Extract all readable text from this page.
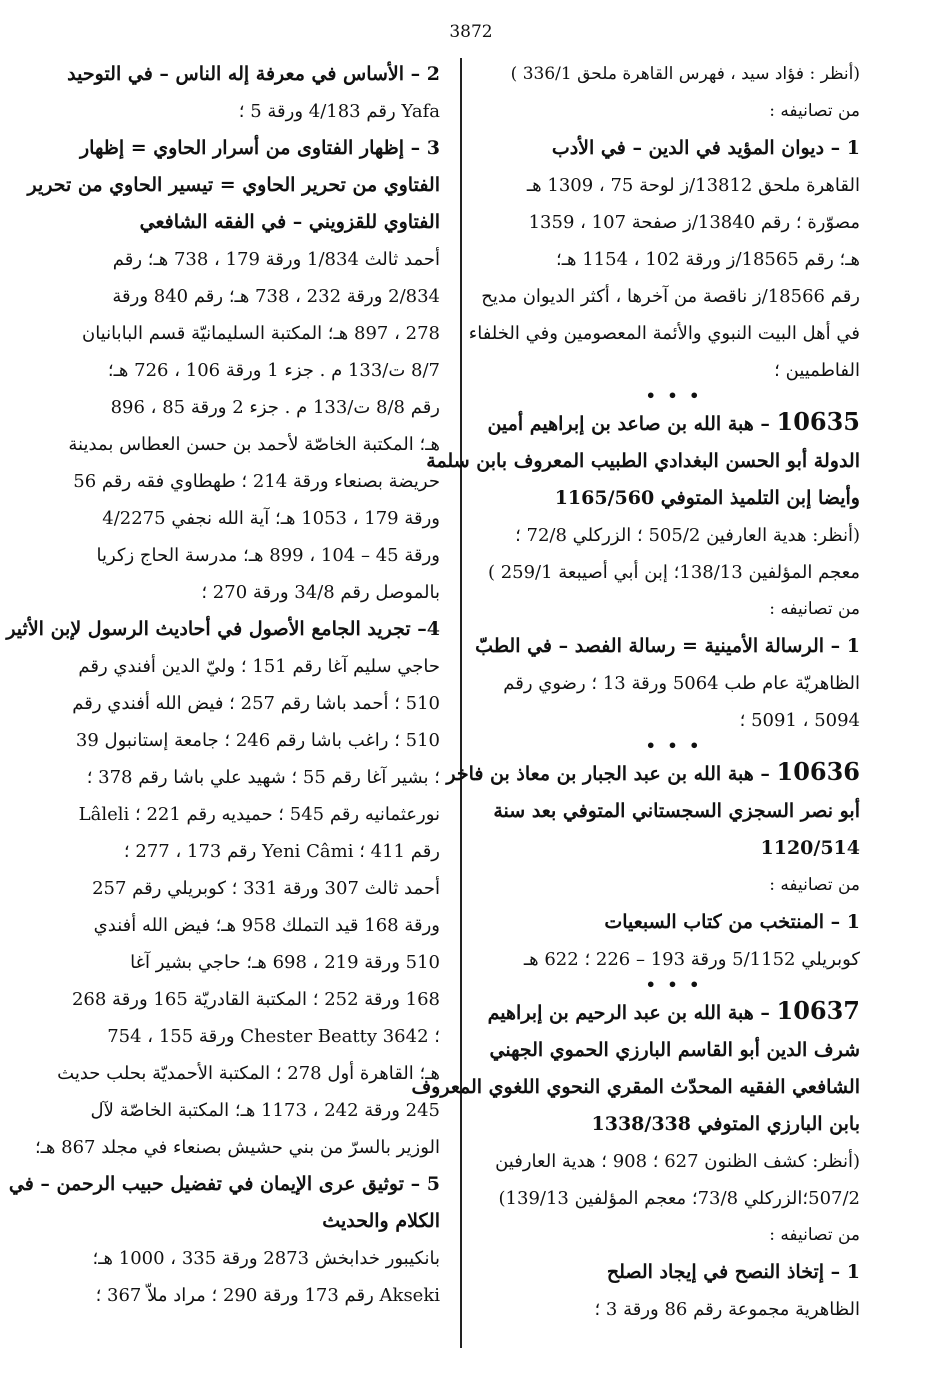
3872

(أنظر : فؤاد سيد ، فهرس القاهرة ملحق 336/1 )

من تصانيفه :

1 – ديوان المؤيد في الدين – في الأدب

القاهرة ملحق 13812/ز لوحة 75 ، 1309 هـ

مصوّرة ؛ رقم 13840/ز صفحة 107 ، 1359

هـ؛ رقم 18565/ز ورقة 102 ، 1154 هـ؛

رقم 18566/ز ناقصة من آخرها ، أكثر الديوان مديح

في أهل البيت النبوي والأئمة المعصومين وفي الخلفاء

الفاطميين ؛

• • •

10635 – هبة الله بن صاعد بن إبراهيم أمين

الدولة أبو الحسن البغدادي الطبيب المعروف بابن سلمة

وأيضا إبن التلميذ المتوفي 1165/560

(أنظر: هدية العارفين 505/2 ؛ الزركلي 72/8 ؛

معجم المؤلفين 138/13؛ إبن أبي أصيبعة 259/1 )

من تصانيفه :

1 – الرسالة الأمينية = رسالة الفصد – في الطبّ

الظاهريّة عام طب 5064 ورقة 13 ؛ رضوي رقم

5094 ، 5091 ؛

• • •

10636 – هبة الله بن عبد الجبار بن معاذ بن فاخر

أبو نصر السجزي السجستاني المتوفي بعد سنة

1120/514

من تصانيفه :

1 – المنتخب من كتاب السبعيات

كوبريلي 5/1152 ورقة 193 – 226 ؛ 622 هـ

• • •

10637 – هبة الله بن عبد الرحيم بن إبراهيم

شرف الدين أبو القاسم البارزي الحموي الجهني

الشافعي الفقيه المحدّث المقري النحوي اللغوي المعروف

بابن البارزي المتوفي 1338/338

(أنظر: كشف الظنون 627 ؛ 908 ؛ هدية العارفين

507/2؛الزركلي 73/8؛ معجم المؤلفين 139/13)

من تصانيفه :

1 – إتخاذ النصح في إيجاد الصلح

الظاهرية مجموعة رقم 86 ورقة 3 ؛

2 – الأساس في معرفة إله الناس – في التوحيد

Yafa رقم 4/183 ورقة 5 ؛

3 – إظهار الفتاوى من أسرار الحاوي = إظهار

الفتاوي من تحرير الحاوي = تيسير الحاوي من تحرير

الفتاوي للقزويني – في الفقه الشافعي

أحمد ثالث 1/834 ورقة 179 ، 738 هـ؛ رقم

2/834 ورقة 232 ، 738 هـ؛ رقم 840 ورقة

278 ، 897 هـ؛ المكتبة السليمانيّة قسم البابانيان

8/7 ت/133 م . جزء 1 ورقة 106 ، 726 هـ؛

رقم 8/8 ت/133 م . جزء 2 ورقة 85 ، 896

هـ؛ المكتبة الخاصّة لأحمد بن حسن العطاس بمدينة

حريضة بصنعاء ورقة 214 ؛ طهطاوي فقه رقم 56

ورقة 179 ، 1053 هـ؛ آية الله نجفي 4/2275

ورقة 45 – 104 ، 899 هـ؛ مدرسة الحاج زكريا

بالموصل رقم 34/8 ورقة 270 ؛

4– تجريد الجامع الأصول في أحاديث الرسول لإبن الأثير

حاجي سليم آغا رقم 151 ؛ وليّ الدين أفندي رقم

510 ؛ أحمد باشا رقم 257 ؛ فيض الله أفندي رقم

510 ؛ راغب باشا رقم 246 ؛ جامعة إستانبول 39

؛ بشير آغا رقم 55 ؛ شهيد علي باشا رقم 378 ؛

نورعثمانيه رقم 545 ؛ حميديه رقم 221 ؛ Lâleli

رقم 411 ؛ Yeni Câmi رقم 173 ، 277 ؛

أحمد ثالث 307 ورقة 331 ؛ كوبريلي رقم 257

ورقة 168 قيد التملك 958 هـ؛ فيض الله أفندي

510 ورقة 219 ، 698 هـ؛ حاجي بشير آغا

168 ورقة 252 ؛ المكتبة القادريّة 165 ورقة 268

؛ Chester Beatty 3642 ورقة 155 ، 754

هـ؛ القاهرة أول 278 ؛ المكتبة الأحمديّة بحلب حديث

245 ورقة 242 ، 1173 هـ؛ المكتبة الخاصّة لآل

الوزير بالسرّ من بني حشيش بصنعاء في مجلد 867 هـ؛

5 – توثيق عرى الإيمان في تفضيل حبيب الرحمن – في

الكلام والحديث

بانكيبور خدابخش 2873 ورقة 335 ، 1000 هـ؛

Akseki رقم 173 ورقة 290 ؛ مراد ملاّ 367 ؛
